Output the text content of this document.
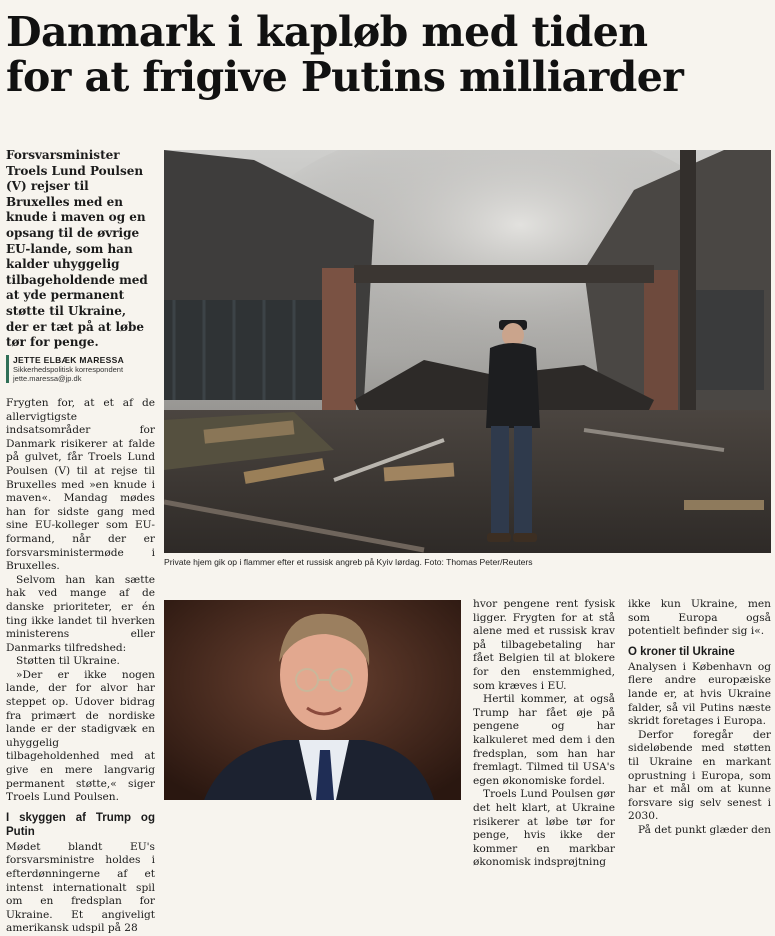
Danmark i kapløb med tiden
for at frigive Putins milliarder
Forsvarsminister Troels Lund Poulsen (V) rejser til Bruxelles med en knude i maven og en opsang til de øvrige EU-lande, som han kalder uhyggelig tilbageholdende med at yde permanent støtte til Ukraine, der er tæt på at løbe tør for penge.
JETTE ELBÆK MARESSA
Sikkerhedspolitisk korrespondent
jette.maressa@jp.dk

Frygten for, at et af de allervigtigste indsatsområder for Danmark risikerer at falde på gulvet, får Troels Lund Poulsen (V) til at rejse til Bruxelles med »en knude i maven«. Mandag mødes han for sidste gang med sine EU-kolleger som EU-formand, når der er forsvarsministermøde i Bruxelles.

Selvom han kan sætte hak ved mange af de danske prioriteter, er én ting ikke landet til hverken ministerens eller Danmarks tilfredshed:

Støtten til Ukraine.

»Der er ikke nogen lande, der for alvor har steppet op. Udover bidrag fra primært de nordiske lande er der stadigvæk en uhyggelig tilbageholdenhed med at give en mere langvarig permanent støtte,« siger Troels Lund Poulsen.

I skyggen af Trump og Putin

Mødet blandt EU's forsvarsministre holdes i efterdønningerne af et intenst internationalt spil om en fredsplan for Ukraine. Et angiveligt amerikansk udspil på 28

Private hjem gik op i flammer efter et russisk angreb på Kyiv lørdag. Foto: Thomas Peter/Reuters

hvor pengene rent fysisk ligger. Frygten for at stå alene med et russisk krav på tilbagebetaling har fået Belgien til at blokere for den enstemmighed, som kræves i EU.

Hertil kommer, at også Trump har fået øje på pengene og har kalkuleret med dem i den fredsplan, som han har fremlagt. Tilmed til USA's egen økonomiske fordel.

Troels Lund Poulsen gør det helt klart, at Ukraine risikerer at løbe tør for penge, hvis ikke der kommer en markbar økonomisk indsprøjtning

ikke kun Ukraine, men som Europa også potentielt befinder sig i«.

O kroner til Ukraine

Analysen i København og flere andre europæiske lande er, at hvis Ukraine falder, så vil Putins næste skridt foretages i Europa.

Derfor foregår der sideløbende med støtten til Ukraine en markant oprustning i Europa, som har et mål om at kunne forsvare sig selv senest i 2030.

På det punkt glæder den
